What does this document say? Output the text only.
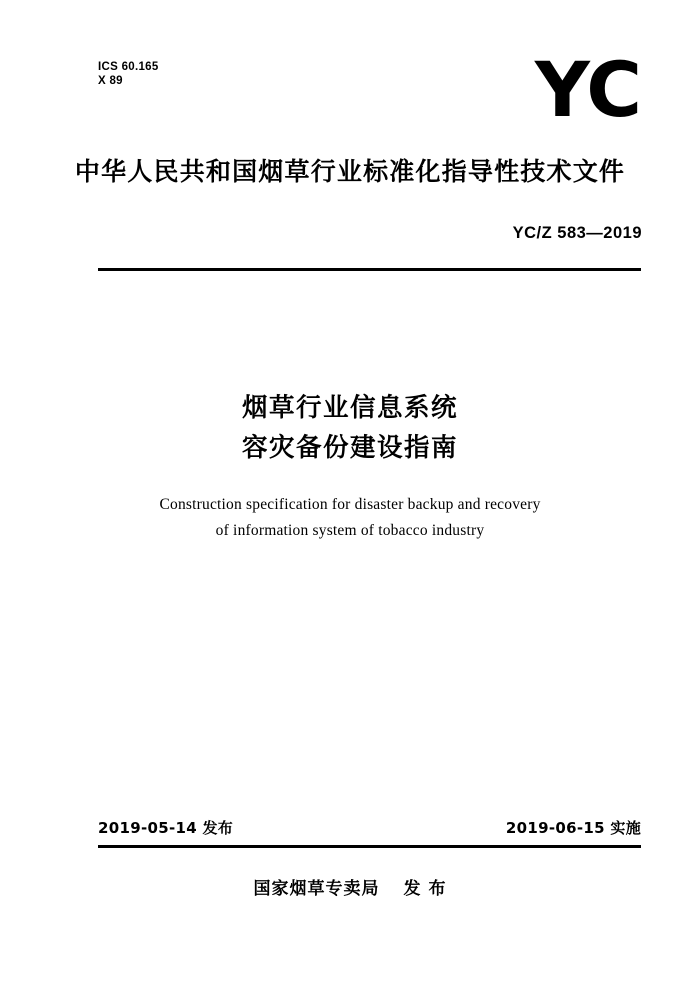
ICS 60.165
X 89	YC
中华人民共和国烟草行业标准化指导性技术文件
YC/Z 583—2019
烟草行业信息系统
容灾备份建设指南
Construction specification for disaster backup and recovery
of information system of tobacco industry
2019-05-14 发布	2019-06-15 实施
国家烟草专卖局 发 布
